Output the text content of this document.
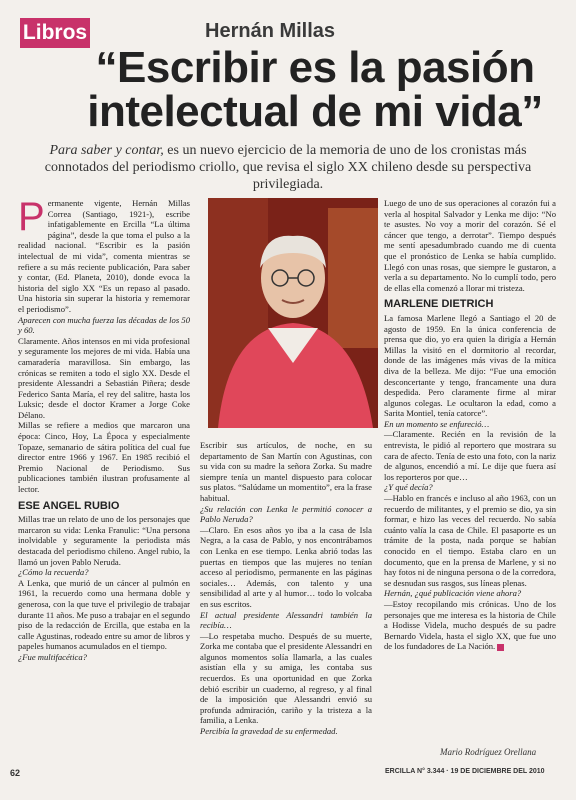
Libros	Hernán Millas
“Escribir es la pasión intelectual de mi vida”
Para saber y contar, es un nuevo ejercicio de la memoria de uno de los cronistas más connotados del periodismo criollo, que revisa el siglo XX chileno desde su perspectiva privilegiada.

Permanente vigente, Hernán Millas Correa (Santiago, 1921-), escribe infatigablemente en Ercilla “La última página”, desde la que toma el pulso a la realidad nacional. “Escribir es la pasión intelectual de mi vida”, comenta mientras se refiere a su más reciente publicación, Para saber y contar, (Ed. Planeta, 2010), donde evoca la historia del siglo XX “Es un repaso al pasado. Una historia sin superar la historia y rememorar el periodismo”.

Aparecen con mucha fuerza las décadas de los 50 y 60.

Claramente. Años intensos en mi vida profesional y seguramente los mejores de mi vida. Había una camaradería maravillosa. Sin embargo, las crónicas se remiten a todo el siglo XX. Desde el presidente Alessandri a Sebastián Piñera; desde Federico Santa María, el rey del salitre, hasta los Luksic; desde el doctor Kramer a Jorge Coke Délano.

Millas se refiere a medios que marcaron una época: Cinco, Hoy, La Época y especialmente Topaze, semanario de sátira política del cual fue director entre 1966 y 1967. En 1985 recibió el Premio Nacional de Periodismo. Sus publicaciones también ilustran profusamente al lector.

ESE ANGEL RUBIO

Millas trae un relato de uno de los personajes que marcaron su vida: Lenka Franulic: “Una persona inolvidable y seguramente la periodista más destacada del periodismo chileno. Angel rubio, la llamó un joven Pablo Neruda.

¿Cómo la recuerda?

A Lenka, que murió de un cáncer al pulmón en 1961, la recuerdo como una hermana doble y generosa, con la que tuve el privilegio de trabajar durante 11 años. Me puso a trabajar en el segundo piso de la redacción de Ercilla, que estaba en la calle Agustinas, rodeado entre su amor de libros y papeles humanos acumulados en el tiempo.

¿Fue multifacética?

Escribir sus artículos, de noche, en su departamento de San Martín con Agustinas, con su vida con su madre la señora Zorka. Su madre siempre tenía un mantel dispuesto para colocar sus platos. “Salúdame un momentito”, era la frase habitual.

¿Su relación con Lenka le permitió conocer a Pablo Neruda?

—Claro. En esos años yo iba a la casa de Isla Negra, a la casa de Pablo, y nos encontrábamos con Lenka en ese tiempo. Lenka abrió todas las puertas en tiempos que las mujeres no tenían acceso al periodismo, permanente en las páginas sociales… Además, con talento y una sensibilidad al arte y al humor… todo lo volcaba en sus escritos.

El actual presidente Alessandri también la recibía…

—Lo respetaba mucho. Después de su muerte, Zorka me contaba que el presidente Alessandri en algunos momentos solía llamarla, a las cuales asistían ella y su amiga, les contaba sus recuerdos. Es una oportunidad en que Zorka debió escribir un cuaderno, al regreso, y al final de la imposición que Alessandri envió su profunda admiración, cariño y la tristeza a la familia, a Lenka.

Percibía la gravedad de su enfermedad.

Luego de uno de sus operaciones al corazón fui a verla al hospital Salvador y Lenka me dijo: “No te asustes. No voy a morir del corazón. Sé el cáncer que tengo, a derrotar”. Tiempo después me sentí apesadumbrado cuando me di cuenta que el pronóstico de Lenka se había cumplido. Llegó con unas rosas, que siempre le gustaron, a verla a su departamento. No lo cumplí todo, pero de ellas ella comenzó a llorar mi tristeza.

MARLENE DIETRICH

La famosa Marlene llegó a Santiago el 20 de agosto de 1959. En la única conferencia de prensa que dio, yo era quien la dirigía a Hernán Millas la visitó en el dormitorio al recordar, donde de las imágenes más vivas de la mítica diva de la belleza. Me dijo: “Fue una emoción desconcertante y tengo, francamente una dura despedida. Pero claramente firme al mirar algunos colegas. Le ocultaron la edad, como a Sarita Montiel, tenía catorce”.

En un momento se enfureció…

—Claramente. Recién en la revisión de la entrevista, le pidió al reportero que mostrara su cara de afecto. Tenía de esto una foto, con la nariz de algunos, encendió a mí. Le dije que fuera así los reporteros por que…

¿Y qué decía?

—Hablo en francés e incluso al año 1963, con un recuerdo de militantes, y el premio se dio, ya sin formar, e hizo las veces del recuerdo. No sabía cuánto valía la casa de Chile. El pasaporte es un trámite de la posta, nada porque se habían conocido en el tiempo. Estaba claro en un documento, que en la prensa de Marlene, y si no hay fotos ni de ninguna persona o de la corredora, se desnudan sus rasgos, sus líneas plenas.

Hernán, ¿qué publicación viene ahora?

—Estoy recopilando mis crónicas. Uno de los personajes que me interesa es la historia de Chile a Hodisse Videla, mucho después de su padre Bernardo Videla, hasta el siglo XX, que fue uno de los fundadores de La Nación.

Mario Rodríguez Orellana
62	ERCILLA N° 3.344 · 19 DE DICIEMBRE DEL 2010
